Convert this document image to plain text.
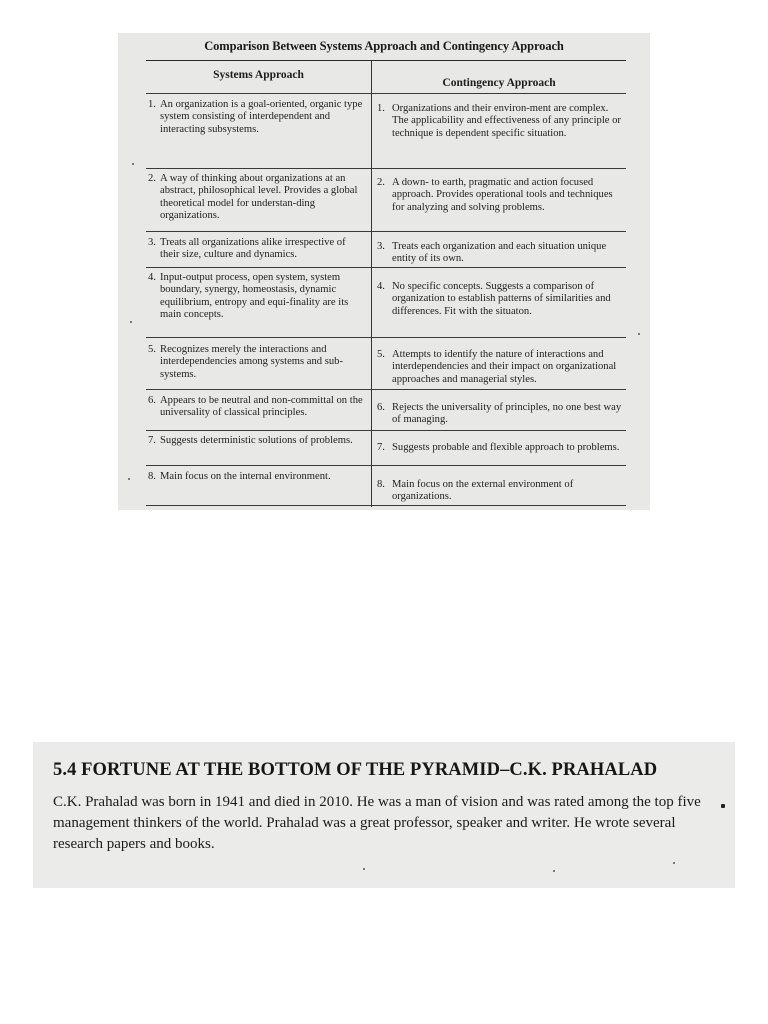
Comparison Between Systems Approach and Contingency Approach
Systems Approach
Contingency Approach
1. An organization is a goal-oriented, organic type system consisting of interdependent and interacting subsystems.
1. Organizations and their environ-ment are complex. The applicability and effectiveness of any principle or technique is dependent specific situation.
2. A way of thinking about organizations at an abstract, philosophical level. Provides a global theoretical model for understan-ding organizations.
2. A down- to earth, pragmatic and action focused approach. Provides operational tools and techniques for analyzing and solving problems.
3. Treats all organizations alike irrespective of their size, culture and dynamics.
3. Treats each organization and each situation unique entity of its own.
4. Input-output process, open system, system boundary, synergy, homeostasis, dynamic equilibrium, entropy and equi-finality are its main concepts.
4. No specific concepts. Suggests a comparison of organization to establish patterns of similarities and differences. Fit with the situaton.
5. Recognizes merely the interactions and interdependencies among systems and sub-systems.
5. Attempts to identify the nature of interactions and interdependencies and their impact on organizational approaches and managerial styles.
6. Appears to be neutral and non-committal on the universality of classical principles.	6. Rejects the universality of principles, no one best way of managing.
7. Suggests deterministic solutions of problems.
7. Suggests probable and flexible approach to problems.
8. Main focus on the internal environment.
8. Main focus on the external environment of organizations.
5.4 FORTUNE AT THE BOTTOM OF THE PYRAMID–C.K. PRAHALAD
C.K. Prahalad was born in 1941 and died in 2010. He was a man of vision and was rated among the top five management thinkers of the world. Prahalad was a great professor, speaker and writer. He wrote several research papers and books.
